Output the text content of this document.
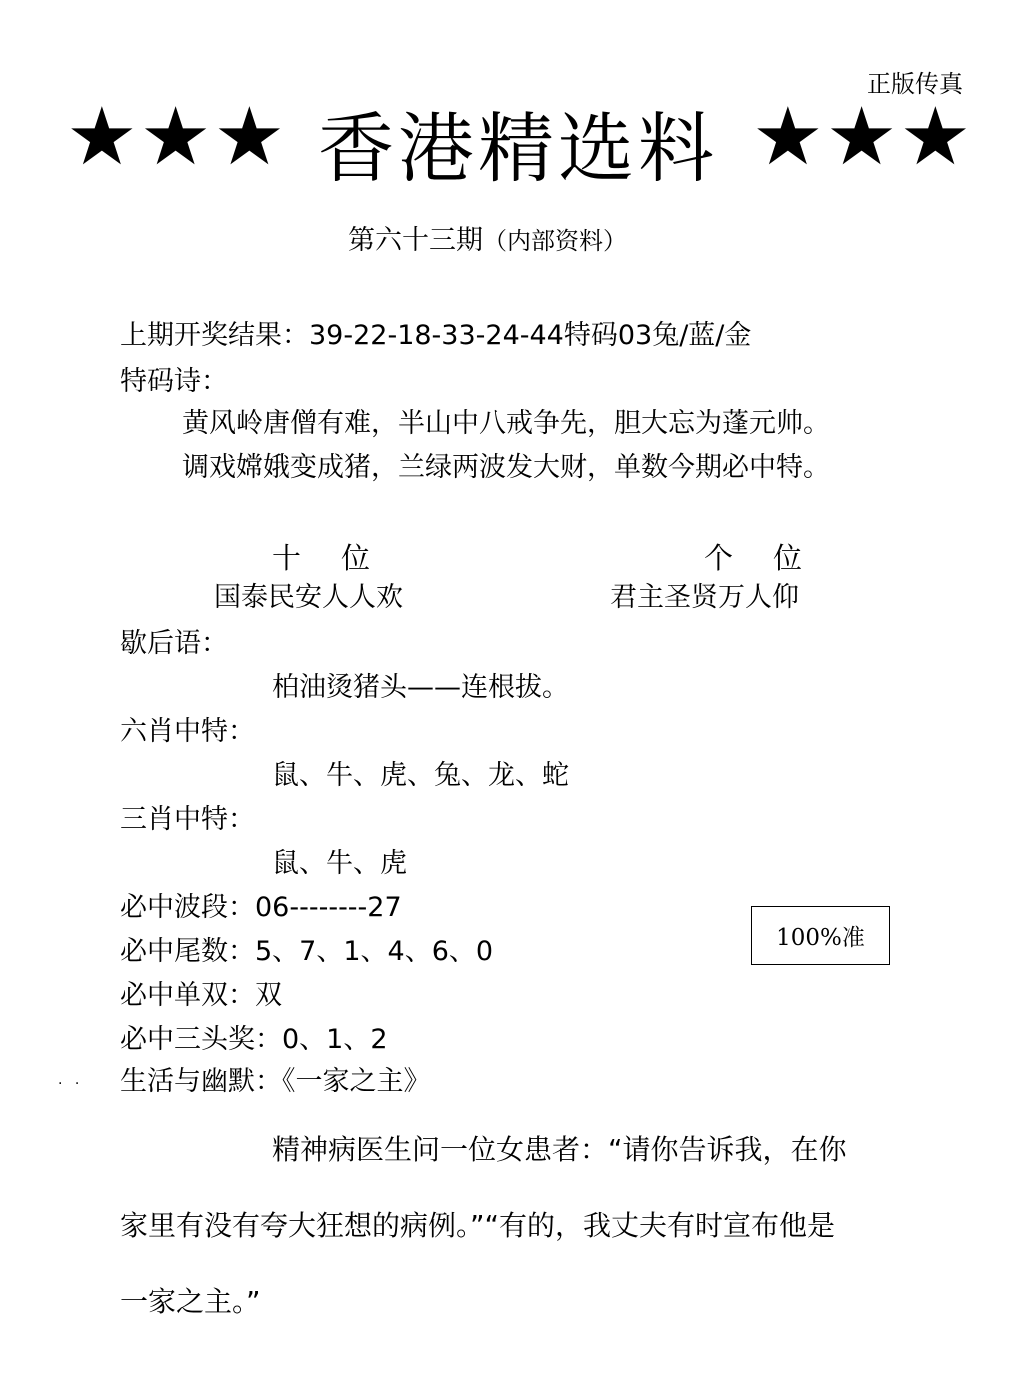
正版传真
★★★ 香港精选料 ★★★
第六十三期（内部资料）
上期开奖结果：39-22-18-33-24-44特码03兔/蓝/金
特码诗：
黄风岭唐僧有难，半山中八戒争先，胆大忘为蓬元帅。
调戏嫦娥变成猪，兰绿两波发大财，单数今期必中特。
十位	个位
国泰民安人人欢	君主圣贤万人仰
歇后语：
柏油烫猪头——连根拔。
六肖中特：
鼠、牛、虎、兔、龙、蛇
三肖中特：
鼠、牛、虎
必中波段：06--------27
必中尾数：5、7、1、4、6、0
必中单双：双
必中三头奖：0、1、2
100%准
. . 生活与幽默：《一家之主》
精神病医生问一位女患者：“请你告诉我，在你
家里有没有夸大狂想的病例。”“有的，我丈夫有时宣布他是
一家之主。”
